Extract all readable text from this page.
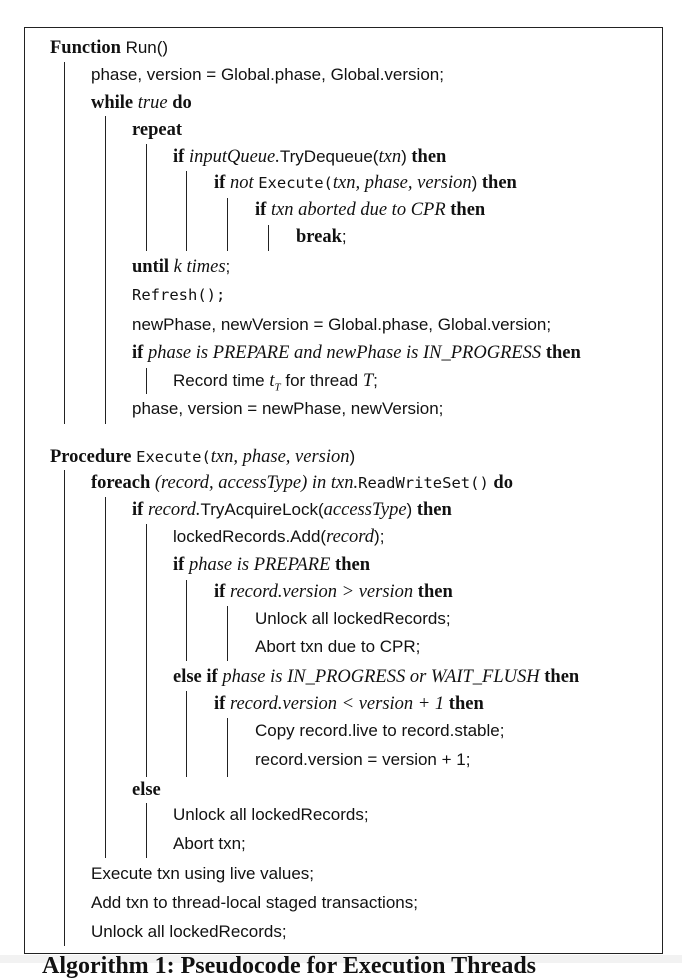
Function Run()
phase, version = Global.phase, Global.version;
while true do
repeat
if inputQueue.TryDequeue(txn) then
if not Execute(txn, phase, version) then
if txn aborted due to CPR then
break;
until k times;
Refresh();
newPhase, newVersion = Global.phase, Global.version;
if phase is PREPARE and newPhase is IN_PROGRESS then
Record time $t_T$ for thread T;
phase, version = newPhase, newVersion;
Procedure Execute(txn, phase, version)
foreach (record, accessType) in txn.ReadWriteSet() do
if record.TryAcquireLock(accessType) then
lockedRecords.Add(record);
if phase is PREPARE then
if record.version > version then
Unlock all lockedRecords;
Abort txn due to CPR;
else if phase is IN_PROGRESS or WAIT_FLUSH then
if record.version < version + 1 then
Copy record.live to record.stable;
record.version = version + 1;
else
Unlock all lockedRecords;
Abort txn;
Execute txn using live values;
Add txn to thread-local staged transactions;
Unlock all lockedRecords;
Algorithm 1: Pseudocode for Execution Threads
